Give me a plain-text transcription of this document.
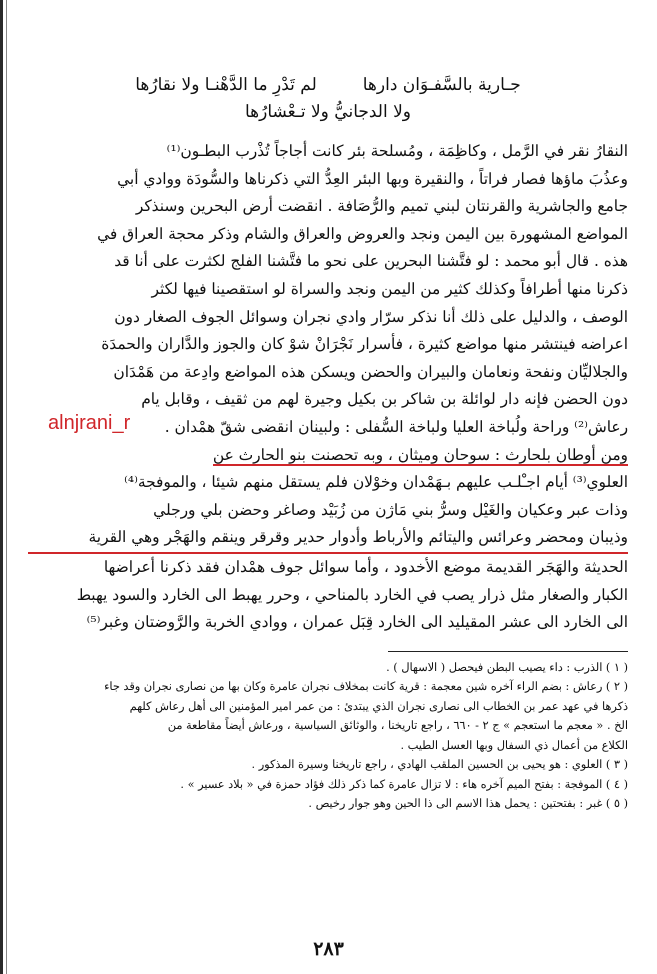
جـارية بالسَّفـوَان دارها
لم تَدْرِ ما الدَّهْنـا ولا نقارُها
ولا الدجانيُّ ولا تـعْشارُها
النقارُ نقر في الرَّمل ، وكاظِمَة ، ومُسلحة بئر كانت أجاجاً تُذْرب البطـون⁽¹⁾
وعذُبَ ماؤها فصار فراتاً ، والنقيرة وبها البئر العِدُّ التي ذكرناها والسُّودَة ووادي أبي
جامع والجاشرية والقرنتان لبني تميم والرُّصَافة . انقضت أرض البحرين وسنذكر
المواضع المشهورة بين اليمن ونجد والعروض والعراق والشام وذكر محجة العراق في
هذه . قال أبو محمد : لو فتَّشنا البحرين على نحو ما فتَّشنا الفلج لكثرت على أنا قد
ذكرنا منها أطرافاً وكذلك كثير من اليمن ونجد والسراة لو استقصينا فيها لكثر
الوصف ، والدليل على ذلك أنا نذكر سرّار وادي نجران وسوائل الجوف الصغار دون
اعراضه فينتشر منها مواضع كثيرة ، فأسرار نَجْرَانْ شوْ كان والجوز والدَّاران والحمدَة
والجلاليِّان ونفحة ونعامان والبيران والحضن ويسكن هذه المواضع وادِعة من هَمْدَان
دون الحضن فإنه دار لوائلة بن شاكر بن بكيل وجيرة لهم من ثقيف ، وقابل يام
رعاش⁽²⁾ وراحة ولُباخة العليا ولباخة السُّفلى : ولبينان انقضى شقّ همْدان .
alnjrani_r
ومن أوطان بلحارث : سوحان وميثان ، وبه تحصنت بنو الحارث عن
العلوي⁽³⁾ أيام اجـْلـب عليهم بـهَمْدان وخوْلان فلم يستقل منهم شيئا ، والموفجة⁽⁴⁾
وذات عبر وعكيان والغَيْل وسرُّ بني مَاژن من زُبَيْد وصاغر وحضن بلي ورجلي
وذيبان ومحضر وعرائس واليتائم والأرباط وأدوار حدير وقرقر وينقم والهَجْر وهي القرية
الحديثة والهَجَر القديمة موضع الأخدود ، وأما سوائل جوف همْدان فقد ذكرنا أعراضها
الكبار والصغار مثل ذرار يصب في الخارد بالمناحي ، وحرر يهبط الى الخارد والسود يهبط
الى الخارد الى عشر المقيليد الى الخارد قِبَل عمران ، ووادي الخربة والرَّوضتان وغبر⁽⁵⁾
( ١ ) الذرب : داء يصيب البطن فيحصل ( الاسهال ) .
( ٢ ) رعاش : بضم الراء آخره شين معجمة : قرية كانت بمخلاف نجران عامرة وكان بها من نصارى نجران وقد جاء
ذكرها في عهد عمر بن الخطاب الى نصارى نجران الذي يبتدئ : من عمر امير المؤمنين الى أهل رعاش كلهم
الخ . « معجم ما استعجم » ج ٢ - ٦٦٠ ، راجع تاريخنا ، والوثائق السياسية ، ورعاش أيضاً مقاطعة من
الكلاع من أعمال ذي السفال وبها العسل الطيب .
( ٣ ) العلوي : هو يحيى بن الحسين الملقب الهادي ، راجع تاريخنا وسيرة المذكور .
( ٤ ) الموفجة : بفتح الميم آخره هاء : لا تزال عامرة كما ذكر ذلك فؤاد حمزة في « بلاد عسير » .
( ٥ ) غبر : بفتحتين : يحمل هذا الاسم الى ذا الحين وهو جوار رخيص .
٢٨٣
